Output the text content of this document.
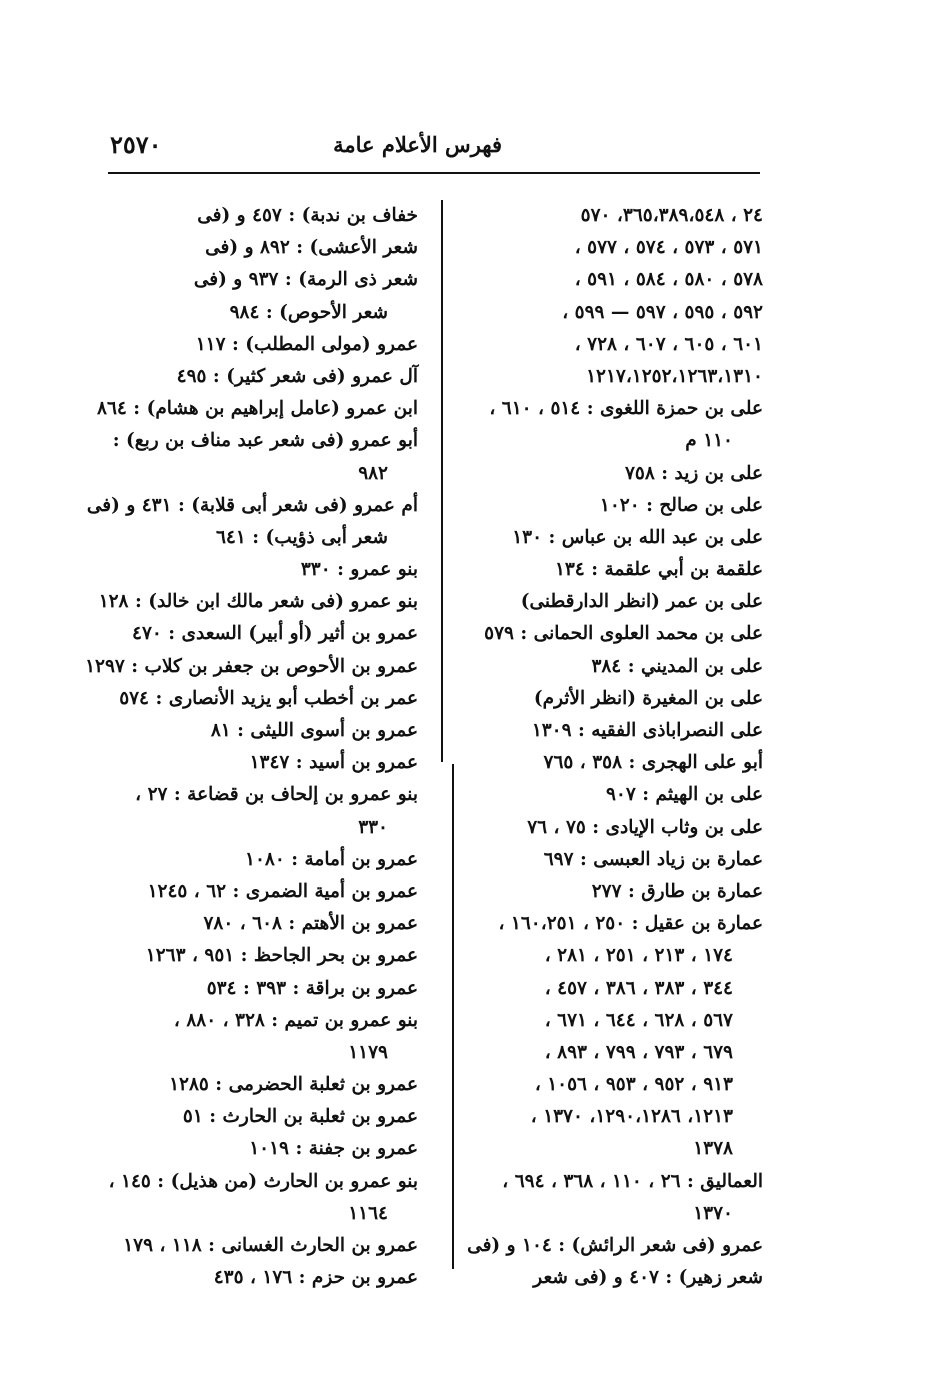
٢٥٧٠	فهرس الأعلام عامة
٢٤ ، ٣٦٥،٣٨٩،٥٤٨، ٥٧٠
٥٧١ ، ٥٧٣ ، ٥٧٤ ، ٥٧٧ ،
٥٧٨ ، ٥٨٠ ، ٥٨٤ ، ٥٩١ ،
٥٩٢ ، ٥٩٥ ، ٥٩٧ — ٥٩٩ ،
٦٠١ ، ٦٠٥ ، ٦٠٧ ، ٧٢٨ ،
١٢١٧،١٢٥٢،١٢٦٣،١٣١٠
على بن حمزة اللغوى : ٥١٤ ، ٦١٠ ،
١١٠ م
على بن زيد : ٧٥٨
على بن صالح : ١٠٢٠
على بن عبد الله بن عباس : ١٣٠
علقمة بن أبي علقمة : ١٣٤
على بن عمر (انظر الدارقطنى)
على بن محمد العلوى الحمانى : ٥٧٩
على بن المديني : ٣٨٤
على بن المغيرة (انظر الأثرم)
على النصراباذى الفقيه : ١٣٠٩
أبو على الهجرى : ٣٥٨ ، ٧٦٥
على بن الهيثم : ٩٠٧
على بن وثاب الإيادى : ٧٥ ، ٧٦
عمارة بن زياد العبسى : ٦٩٧
عمارة بن طارق : ٢٧٧
عمارة بن عقيل : ٢٥٠ ، ١٦٠،٢٥١ ،
١٧٤ ، ٢١٣ ، ٢٥١ ، ٢٨١ ،
٣٤٤ ، ٣٨٣ ، ٣٨٦ ، ٤٥٧ ،
٥٦٧ ، ٦٢٨ ، ٦٤٤ ، ٦٧١ ،
٦٧٩ ، ٧٩٣ ، ٧٩٩ ، ٨٩٣ ،
٩١٣ ، ٩٥٢ ، ٩٥٣ ، ١٠٥٦ ،
١٢١٣، ١٢٩٠،١٢٨٦، ١٣٧٠ ،
١٣٧٨
العماليق : ٢٦ ، ١١٠ ، ٣٦٨ ، ٦٩٤ ،
١٣٧٠
عمرو (فى شعر الرائش) : ١٠٤ و (فى
شعر زهير) : ٤٠٧ و (فى شعر
خفاف بن ندبة) : ٤٥٧ و (فى
شعر الأعشى) : ٨٩٢ و (فى
شعر ذى الرمة) : ٩٣٧ و (فى
شعر الأحوص) : ٩٨٤
عمرو (مولى المطلب) : ١١٧
آل عمرو (فى شعر كثير) : ٤٩٥
ابن عمرو (عامل إبراهيم بن هشام) : ٨٦٤
أبو عمرو (فى شعر عبد مناف بن ربع) :
٩٨٢
أم عمرو (فى شعر أبى قلابة) : ٤٣١ و (فى
شعر أبى ذؤيب) : ٦٤١
بنو عمرو : ٣٣٠
بنو عمرو (فى شعر مالك ابن خالد) : ١٢٨
عمرو بن أثير (أو أبير) السعدى : ٤٧٠
عمرو بن الأحوص بن جعفر بن كلاب : ١٢٩٧
عمر بن أخطب أبو يزيد الأنصارى : ٥٧٤
عمرو بن أسوى الليثى : ٨١
عمرو بن أسيد : ١٣٤٧
بنو عمرو بن إلحاف بن قضاعة : ٢٧ ،
٣٣٠
عمرو بن أمامة : ١٠٨٠
عمرو بن أمية الضمرى : ٦٢ ، ١٢٤٥
عمرو بن الأهتم : ٦٠٨ ، ٧٨٠
عمرو بن بحر الجاحظ : ٩٥١ ، ١٢٦٣
عمرو بن براقة : ٣٩٣ : ٥٣٤
بنو عمرو بن تميم : ٣٢٨ ، ٨٨٠ ،
١١٧٩
عمرو بن ثعلبة الحضرمى : ١٢٨٥
عمرو بن ثعلبة بن الحارث : ٥١
عمرو بن جفنة : ١٠١٩
بنو عمرو بن الحارث (من هذيل) : ١٤٥ ،
١١٦٤
عمرو بن الحارث الغسانى : ١١٨ ، ١٧٩
عمرو بن حزم : ١٧٦ ، ٤٣٥
